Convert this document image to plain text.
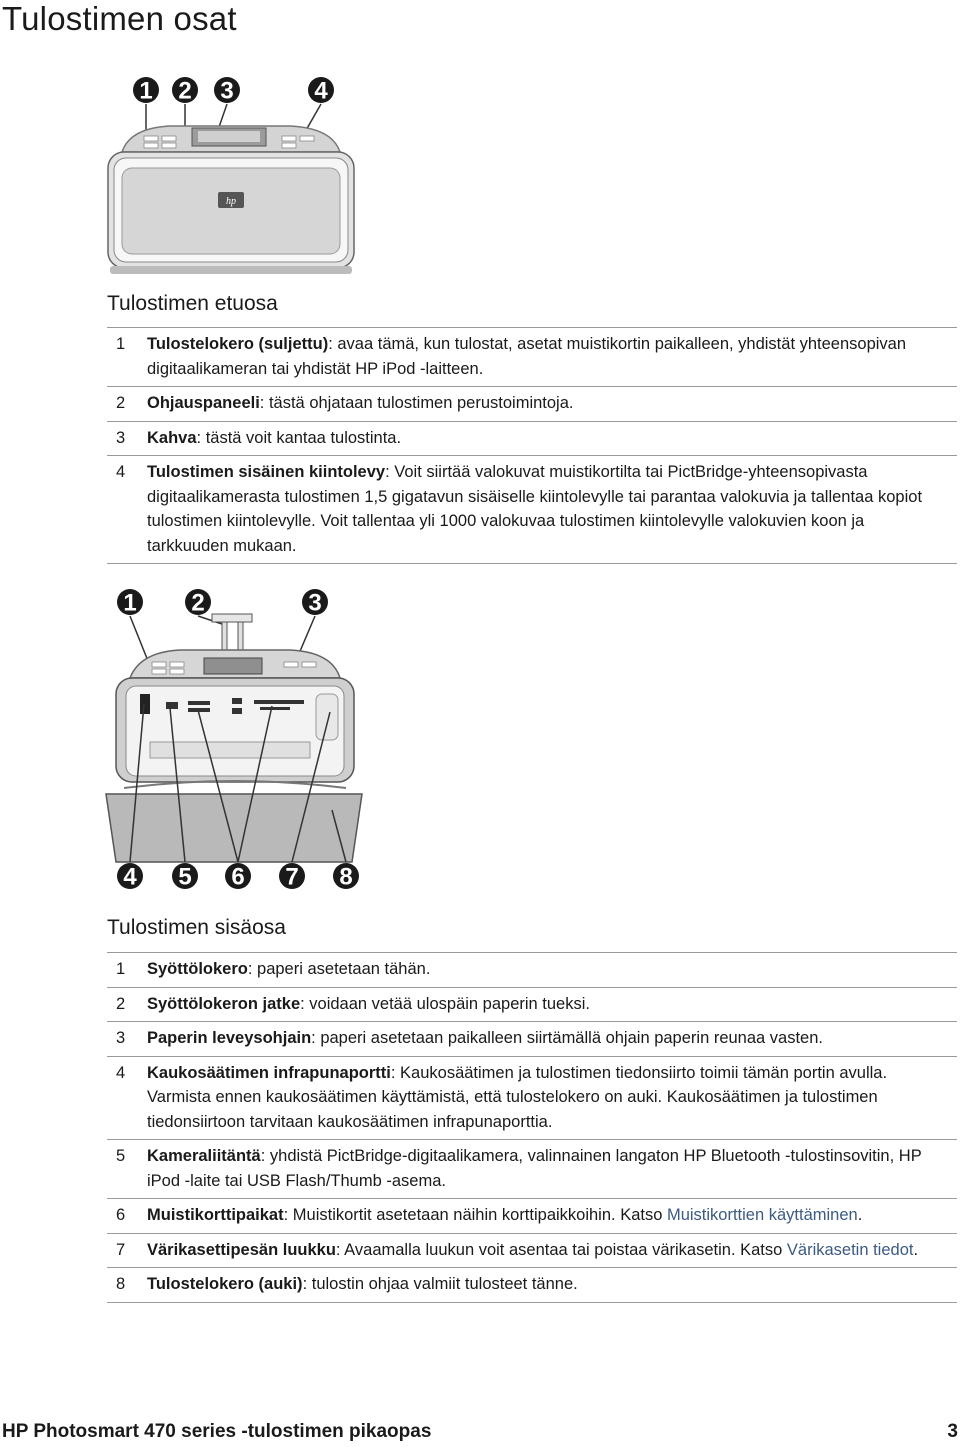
Tulostimen osat
hp
1 2 3	4
Tulostimen etuosa
1	Tulostelokero (suljettu): avaa tämä, kun tulostat, asetat muistikortin paikalleen, yhdistät yhteensopivan digitaalikameran tai yhdistät HP iPod -laitteen.
2	Ohjauspaneeli: tästä ohjataan tulostimen perustoimintoja.
3	Kahva: tästä voit kantaa tulostinta.
4	Tulostimen sisäinen kiintolevy: Voit siirtää valokuvat muistikortilta tai PictBridge-yhteensopivasta digitaalikamerasta tulostimen 1,5 gigatavun sisäiselle kiintolevylle tai parantaa valokuvia ja tallentaa kopiot tulostimen kiintolevylle. Voit tallentaa yli 1000 valokuvaa tulostimen kiintolevylle valokuvien koon ja tarkkuuden mukaan.
1 2	3
4 5 6 7 8
Tulostimen sisäosa
1	Syöttölokero: paperi asetetaan tähän.
2	Syöttölokeron jatke: voidaan vetää ulospäin paperin tueksi.
3	Paperin leveysohjain: paperi asetetaan paikalleen siirtämällä ohjain paperin reunaa vasten.
4	Kaukosäätimen infrapunaportti: Kaukosäätimen ja tulostimen tiedonsiirto toimii tämän portin avulla. Varmista ennen kaukosäätimen käyttämistä, että tulostelokero on auki. Kaukosäätimen ja tulostimen tiedonsiirtoon tarvitaan kaukosäätimen infrapunaporttia.
5	Kameraliitäntä: yhdistä PictBridge-digitaalikamera, valinnainen langaton HP Bluetooth -tulostinsovitin, HP iPod -laite tai USB Flash/Thumb -asema.
6	Muistikorttipaikat: Muistikortit asetetaan näihin korttipaikkoihin. Katso Muistikorttien käyttäminen.
7	Värikasettipesän luukku: Avaamalla luukun voit asentaa tai poistaa värikasetin. Katso Värikasetin tiedot.
8	Tulostelokero (auki): tulostin ohjaa valmiit tulosteet tänne.
HP Photosmart 470 series -tulostimen pikaopas	3
